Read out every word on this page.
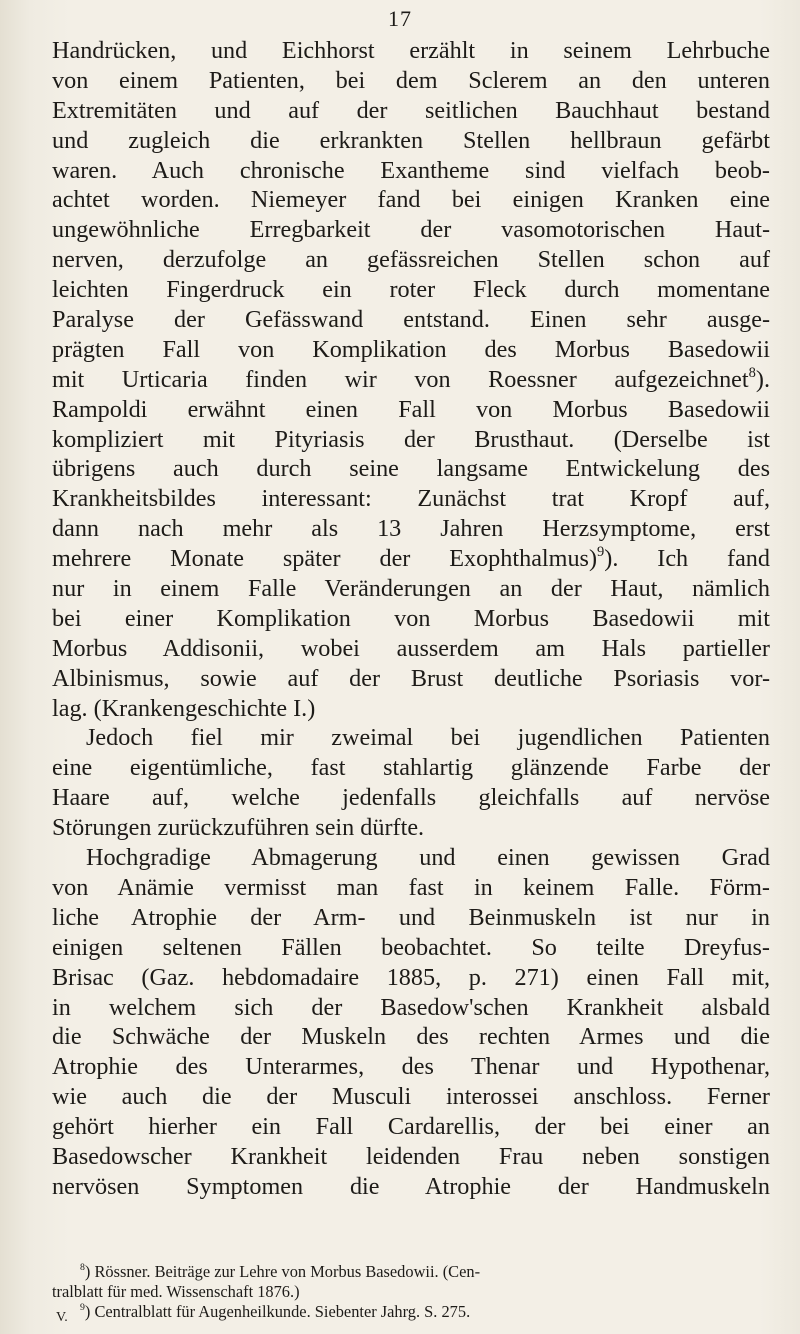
17
Handrücken, und Eichhorst erzählt in seinem Lehrbuche
von einem Patienten, bei dem Sclerem an den unteren
Extremitäten und auf der seitlichen Bauchhaut bestand
und zugleich die erkrankten Stellen hellbraun gefärbt
waren. Auch chronische Exantheme sind vielfach beob-
achtet worden. Niemeyer fand bei einigen Kranken eine
ungewöhnliche Erregbarkeit der vasomotorischen Haut-
nerven, derzufolge an gefässreichen Stellen schon auf
leichten Fingerdruck ein roter Fleck durch momentane
Paralyse der Gefässwand entstand. Einen sehr ausge-
prägten Fall von Komplikation des Morbus Basedowii
mit Urticaria finden wir von Roessner aufgezeichnet$^8$).
Rampoldi erwähnt einen Fall von Morbus Basedowii
kompliziert mit Pityriasis der Brusthaut. (Derselbe ist
übrigens auch durch seine langsame Entwickelung des
Krankheitsbildes interessant: Zunächst trat Kropf auf,
dann nach mehr als 13 Jahren Herzsymptome, erst
mehrere Monate später der Exophthalmus)$^9$). Ich fand
nur in einem Falle Veränderungen an der Haut, nämlich
bei einer Komplikation von Morbus Basedowii mit
Morbus Addisonii, wobei ausserdem am Hals partieller
Albinismus, sowie auf der Brust deutliche Psoriasis vor-
lag. (Krankengeschichte I.)
Jedoch fiel mir zweimal bei jugendlichen Patienten
eine eigentümliche, fast stahlartig glänzende Farbe der
Haare auf, welche jedenfalls gleichfalls auf nervöse
Störungen zurückzuführen sein dürfte.
Hochgradige Abmagerung und einen gewissen Grad
von Anämie vermisst man fast in keinem Falle. Förm-
liche Atrophie der Arm- und Beinmuskeln ist nur in
einigen seltenen Fällen beobachtet. So teilte Dreyfus-
Brisac (Gaz. hebdomadaire 1885, p. 271) einen Fall mit,
in welchem sich der Basedow'schen Krankheit alsbald
die Schwäche der Muskeln des rechten Armes und die
Atrophie des Unterarmes, des Thenar und Hypothenar,
wie auch die der Musculi interossei anschloss. Ferner
gehört hierher ein Fall Cardarellis, der bei einer an
Basedowscher Krankheit leidenden Frau neben sonstigen
nervösen Symptomen die Atrophie der Handmuskeln
$^8$) Rössner. Beiträge zur Lehre von Morbus Basedowii. (Cen-
tralblatt für med. Wissenschaft 1876.)
$^9$) Centralblatt für Augenheilkunde. Siebenter Jahrg. S. 275.
V.
